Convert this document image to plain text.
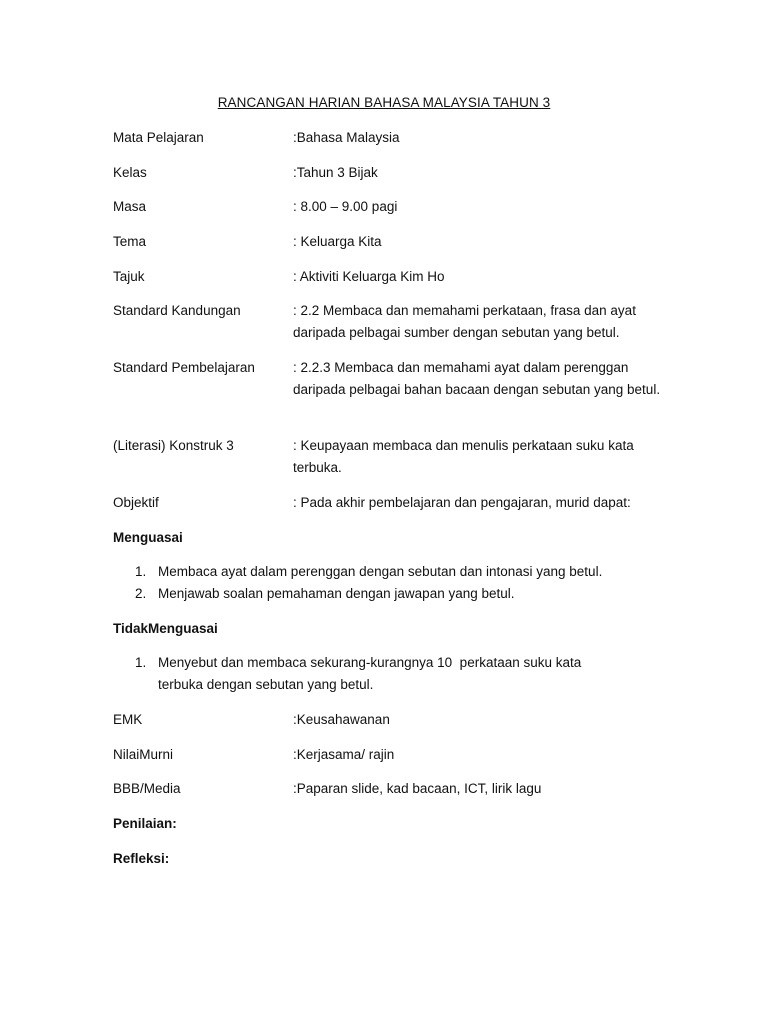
RANCANGAN HARIAN BAHASA MALAYSIA TAHUN 3
Mata Pelajaran	:Bahasa Malaysia
Kelas	:Tahun 3 Bijak
Masa	: 8.00 – 9.00 pagi
Tema	: Keluarga Kita
Tajuk	: Aktiviti Keluarga Kim Ho
Standard Kandungan	: 2.2 Membaca dan memahami perkataan, frasa dan ayat daripada pelbagai sumber dengan sebutan yang betul.
Standard Pembelajaran	: 2.2.3 Membaca dan memahami ayat dalam perenggan daripada pelbagai bahan bacaan dengan sebutan yang betul.
(Literasi) Konstruk 3	: Keupayaan membaca dan menulis perkataan suku kata terbuka.
Objektif	: Pada akhir pembelajaran dan pengajaran, murid dapat:
Menguasai
1. Membaca ayat dalam perenggan dengan sebutan dan intonasi yang betul.
2. Menjawab soalan pemahaman dengan jawapan yang betul.
TidakMenguasai
1. Menyebut dan membaca sekurang-kurangnya 10  perkataan suku kata terbuka dengan sebutan yang betul.
EMK	:Keusahawanan
NilaiMurni	:Kerjasama/ rajin
BBB/Media	:Paparan slide, kad bacaan, ICT, lirik lagu
Penilaian:
Refleksi:
